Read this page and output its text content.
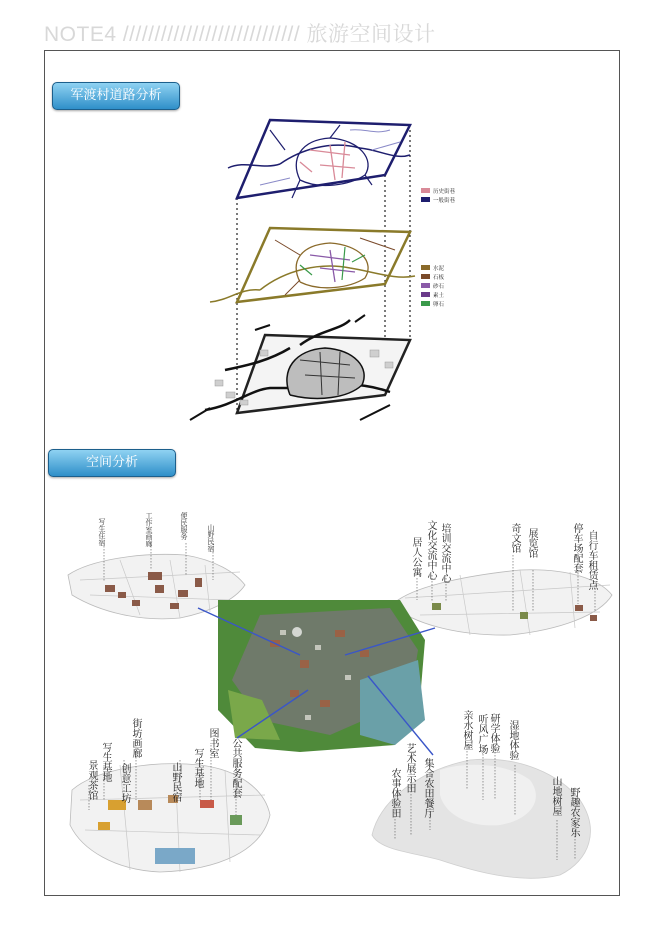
NOTE4 //////////////////////////// 旅游空间设计
军渡村道路分析
空间分析
历史街巷
一般街巷
水泥
石板
砂石
素土
卵石
写生住宿	工作室画廊	便民服务	山野民宿	居人公寓 文化交流中心 培训交流中心	奇文馆 展览馆	停车场配套 自行车租赁点
景观茶馆 写生基地
创意工坊
街坊画廊
山野民宿 写生基地
图书室 公共服务配套	农事体验田 艺术展示田 集合农田餐厅
亲水树屋 听风广场 研学体验 湿地体验
山地树屋 野趣农家乐
